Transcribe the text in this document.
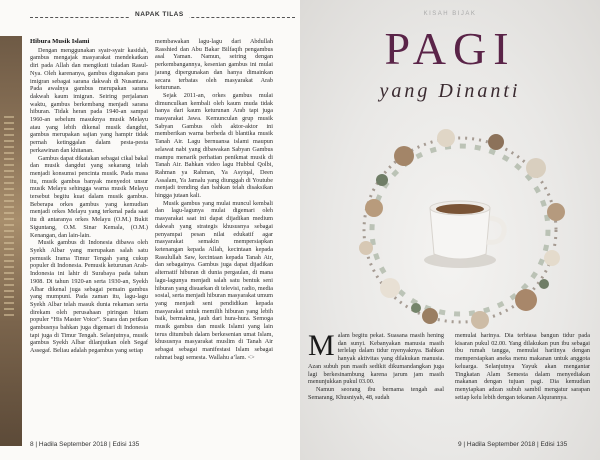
NAPAK TILAS
Hibura Musik Islami

Dengan menggunakan syair-syair kasidah, gambus mengajak masyarakat mendekatkan diri pada Allah dan mengikuti tuladan Rasul-Nya. Oleh karenanya, gambus digunakan para imigran sebagai sarana dakwah di Nusantara. Pada awalnya gambus merupakan sarana dakwah kaum imigran. Seiring perjalanan waktu, gambus berkembang menjadi sarana hiburan. Tidak heran pada 1940-an sampai 1960-an sebelum masuknya musik Melayu atau yang lebih dikenal musik dangdut, gambus merupakan sajian yang hampir tidak pernah ketinggalan dalam pesta-pesta perkawinan dan khitanan.

Gambus dapat dikatakan sebagai cikal bakal dan musik dangdut yang sekarang telah menjadi konsumsi pencinta musik. Pada masa itu, musik gambus banyak menyedot unsur musik Melayu sehingga warna musik Melayu tersebut begitu kuat dalam musik gambus. Beberapa orkes gambus yang kemudian menjadi orkes Melayu yang terkenal pada saat itu di antaranya orkes Melayu (O.M.) Bukit Siguntang, O.M. Sinar Kemala, (O.M.) Kenangan, dan lain-lain.

Musik gambus di Indonesia dibawa oleh Syekh Albar yang merupakan salah satu pemusik Irama Timur Tengah yang cukup populer di Indonesia. Pemusik keturunan Arab-Indonesia ini lahir di Surabaya pada tahun 1908. Di tahun 1920-an serta 1930-an, Syekh Albar dikenal juga sebagai pemain gambus yang mumpuni. Pada zaman itu, lagu-lagu Syekh Albar telah masuk dunia rekaman serta direkam oleh perusahaan piringan hitam populer “His Master Voice”. Suara dan petikan gambusnya bahkan juga digemari di Indonesia tapi juga di Timur Tengah. Selanjutnya, musik gambus Syekh Albar dilanjutkan oleh Segaf Assegaf. Beliau adalah pegambus yang setiap

membawakan lagu-lagu dari Abdullah Rasshied dan Abu Bakar Bilfaqih pengambus asal Yaman. Namun, seiring dengan perkembangannya, kesenian gambus ini mulai jarang dipergunakan dan hanya dimainkan secara terbatas oleh masyarakat Arab keturunan.

Sejak 2011-an, orkes gambus mulai dimunculkan kembali oleh kaum muda tidak hanya dari kaum keturunan Arab tapi juga masyarakat Jawa. Kemunculan grup musik Sabyan Gambus oleh aktor-aktor ini memberikan warna berbeda di blantika musik Tanah Air. Lagu bernuansa islami maupun selawat nabi yang dibawakan Sabyan Gambus mampu menarik perhatian penikmat musik di Tanah Air. Bahkan video lagu Hubbul Qolbi, Rahman ya Rahman, Ya Asyiqal, Deen Assalam, Ya Jamalu yang diunggah di Youtube menjadi trending dan bahkan telah disaksikan hingga jutaan kali.

Musik gambus yang mulai muncul kembali dan lagu-lagunya mulai digemari oleh masyarakat saat ini dapat dijadikan medium dakwah yang strategis khususnya sebagai penyampai pesan nilai edukatif agar masyarakat semakin mempersiapkan ketenangan kepada Allah, kecintaan kepada Rasulullah Saw, kecintaan kepada Tanah Air, dan sebagainya. Gambus juga dapat dijadikan alternatif hiburan di dunia pergaulan, di mana lagu-lagunya menjadi salah satu bentuk seni hiburan yang disuarkan di televisi, radio, media sosial, serta menjadi hiburan masyarakat umum yang menjadi seni pendidikan kepada masyarakat untuk memilih hiburan yang lebih baik, bermakna, jauh dari hura-hura. Semoga musik gambus dan musik Islami yang lain terus ditumbuh dalam berkesenian umat Islam, khususnya masyarakat muslim di Tanah Air sebagai sebagai manifestasi Islam sebagai rahmat bagi semesta. Wallahu a’lam. <>

8 | Hadila September 2018 | Edisi 135
KISAH BIJAK
PAGI
yang Dinanti

Malam begitu pekat. Suasana masih hening dan sunyi. Kebanyakan manusia masih terlelap dalam tidur nyenyaknya. Bahkan hanyak aktivitas yang dilakukan manusia. Azan subuh pun masih sedikit dikumandangkan juga lagi berkesinambung karena jarum jam masih menunjukkan pukul 03.00.

Namun seorang ibu bernama tengah asal Semarang, Khusniyah, 48, sudah

memulai harinya. Dia terbiasa bangun tidur pada kisaran pukul 02.00. Yang dilakukan pun ibu sebagai ibu rumah tangga, memulai hariinya dengan mempersiapkan aneka menu makanan untuk anggota keluarga. Selanjutnya Yayuk akan mengantar Tingkatan Alam Semesta dalam menyediakan makanan dengan tujuan pagi. Dia kemudian menyiapkan adzan subuh sambil mengatur sarapan setiap kelu lebih dengan tekanan Alqurannya.

9 | Hadila September 2018 | Edisi 135
